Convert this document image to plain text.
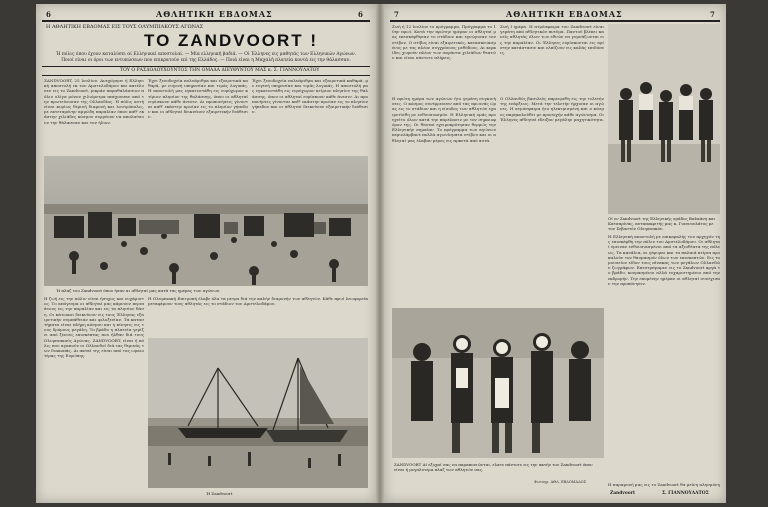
6	ΑΘΛΗΤΙΚΗ ΕΒΔΟΜΑΣ	6
Η ΑΘΛΗΤΙΚΗ ΕΒΔΟΜΑΣ ΕΙΣ ΤΟΥΣ ΟΛΥΜΠΙΑΚΟΥΣ ΑΓΩΝΑΣ
ΤΟ ZANDVOORT !
Ή πόλις όπου έχουν καταλύσει αί Ελληνικαί αποστολαί. — Μία ελληνική βαδιά. — Οί Έλληνες εις μαθητάς των Ελληνικών Αγώνων.
Ποιοί είναι οι όροι των εντυπώσεων που επικρατούν επί της Ελλάδος. — Ποιά είναι η Μαχαλή πλατεία κοντά εις την θάλασσαν.
ΤΟΥ Ο ΡΑΣΔΟΛΟΥΧΟΥΝΤΟΣ ΤΗΝ ΟΜΑΔΑ ΔΙΕΥΘΥΝΤΟΥ ΜΑΣ κ. Σ. ΓΙΑΝΝΟΥΛΑΤΟΥ
ZANDVOORT, 25 Ιουλίου. Ανεχώρησε ή Ελληνική αποστολή εκ του Αμστελοδάμου και κατέλυσεν εις το Zandvoort, μικράν παραθαλάσσιον πόλιν ολίγα μόνον χιλιόμετρα απέχουσαν από την πρωτεύουσαν της Ολλανδίας. Η πόλις αυτή είναι κυρίως θερινή διαμονή και λουτρόπολις, με εκτεταμένην αμμώδη παραλίαν όπου καθ' εκάστην χιλιάδες κόσμου συρρέουν να απολαύσουν την θάλασσαν και τον ήλιον.
Έχει ξενοδοχεία πολυάριθμα και εξαιρετικά καθαρά, με ευγενή υπηρεσίαν και τιμάς λογικάς. Η αποστολή μας εγκατεστάθη εις ευρύχωρον κτίριον πλησίον της θαλάσσης, όπου οι αθληταί ευρίσκουν κάθε άνεσιν. Αι προπονήσεις γίνονται καθ' εκάστην πρωίαν εις το πλησίον γήπεδον και οι αθληταί δεικνύουν εξαιρετικήν διάθεσιν.
Έχει ξενοδοχεία πολυάριθμα και εξαιρετικά καθαρά, με ευγενή υπηρεσίαν και τιμάς λογικάς. Η αποστολή μας εγκατεστάθη εις ευρύχωρον κτίριον πλησίον της θαλάσσης, όπου οι αθληταί ευρίσκουν κάθε άνεσιν. Αι προπονήσεις γίνονται καθ' εκάστην πρωίαν εις το πλησίον γήπεδον και οι αθληταί δεικνύουν εξαιρετικήν διάθεσιν.
Ή πλαζ του Zandvoort όπου ήσαν αι αθληταί μας κατά τας ημέρας των αγώνων.
Η ζωή εις την πόλιν είναι ήσυχος και ευχάριστος. Το απόγευμα οι αθληταί μας κάμνουν περιπάτους εις την παραλίαν και εις τα πλησίον δάση. Οι κάτοικοι δεικνύουν εις τους Έλληνας εξαιρετικήν συμπάθειαν και φιλοξενίαν. Τα καταστήματα είναι πλήρη κόσμου και η κίνησις εις τους δρόμους μεγάλη. Το βράδυ η πλατεία γεμίζει από ξένους επισκέπτας που ήλθαν διά τους Ολυμπιακούς Αγώνας. ZANDVOORT, είναι ή πόλις που αγαπούν οι Ολλανδοί διά τας θερινάς των διακοπάς. Αι ακταί της είναι από τας ωραιοτέρας της Ευρώπης.
Η Ολυμπιακή Επιτροπή έλαβε όλα τα μέτρα διά την καλήν διαμονήν των αθλητών. Κάθε πρωί λεωφορεία μεταφέρουν τους αθλητάς εις το στάδιον του Αμστελοδάμου.
Ή Zandvoort
7	ΑΘΛΗΤΙΚΗ ΕΒΔΟΜΑΣ	7
Ζωή ή 12 Ιουλίου το πρόγραμμα, Πρόγραμμα το 10ην πρωί. Κατά την πρώτην ημέραν οι αθληταί μας επεσκέφθησαν το στάδιον και εγνώρισαν τον στίβον. Ο στίβος είναι εξαιρετικός, κατασκευασμένος με τας πλέον συγχρόνους μεθόδους. Αι κερκίδες χωρούν πλέον των σαράντα χιλιάδων θεατών και είναι πάντοτε πλήρεις.
Ζωή Ι ημέρα. Η ατμόσφαιρα του Zandvoort είναι γεμάτη από αθλητικόν πνεύμα. Παντού βλέπει κανείς αθλητάς όλων των εθνών να γυμνάζωνται εις την παραλίαν. Οι Έλληνες ευρίσκονται εις αρίστην κατάστασιν και ελπίζουν εις καλάς επιδόσεις.
Η πρώτη ημέρα των αγώνων ήτο γεμάτη συγκινήσεις. Ο κόσμος συνέρρευσεν από τας πρωινάς ώρας εις το στάδιον και η είσοδος των αθλητών εχαιρετίσθη με ενθουσιασμόν. Η Ελληνική ομάς προηγείτο όλων κατά την παρέλασιν με τον σημαιοφόρον της. Οι θεαταί εχειροκρότησαν θερμώς την Ελληνικήν σημαίαν. Το πρόγραμμα των αγώνων περιελάμβανε πολλά αγωνίσματα στίβου και οι αθληταί μας έλαβαν μέρος εις αρκετά από αυτά.
Ο Ολλανδός βασιλεύς παρευρέθη εις την τελετήν της ενάρξεως. Μετά την τελετήν ήρχισαν οι αγώνες. Η ατμόσφαιρα ήτο ηλεκτρισμένη και ο κόσμος παρηκολούθει με προσοχήν κάθε αγώνισμα. Οι Έλληνες αθληταί έδειξαν μεγάλην μαχητικότητα.
Οί εν Zandvoort της Ελληνικής ομάδος Βαλκάνη και Κατσαρίνας, ανταποκριτής μας κ. Γιαννουλάτος με τον Σεβαστόν Ολυμπιακόν.
Η Ελληνική αποστολή με επικεφαλής τον αρχηγόν της επισκέφθη την πόλιν του Αμστελοδάμου. Οι αθληταί έμειναν ενθουσιασμένοι από τα αξιοθέατα της πόλεως. Τα κανάλια, αι γέφυραι και τα παλαιά κτίρια προκαλούν τον θαυμασμόν όλων των επισκεπτών. Εις το μουσείον είδον τους πίνακας των μεγάλων Ολλανδών ζωγράφων. Επεστρέψαμεν εις το Zandvoort αργά το βράδυ, κουρασμένοι αλλά ευχαριστημένοι από την εκδρομήν. Την επομένην ημέραν οι αθληταί συνέχισαν την προπόνησιν.
ZANDVOORT Αί εξοχαί σας να παραπονιώνται, ελατε πάντοτε εις την ακτήν του Zandvoort όπου είναι ή μεγαλυτέρα πλαζ των αθλητών σας.
Φωτογρ. ΑΘΛ. ΕΒΔΟΜΑΔΟΣ	Η παραμονή μας εις το Zandvoort θα μείνη αλησμόνη
Zandvoort	Σ. ΓΙΑΝΝΟΥΛΑΤΟΣ
